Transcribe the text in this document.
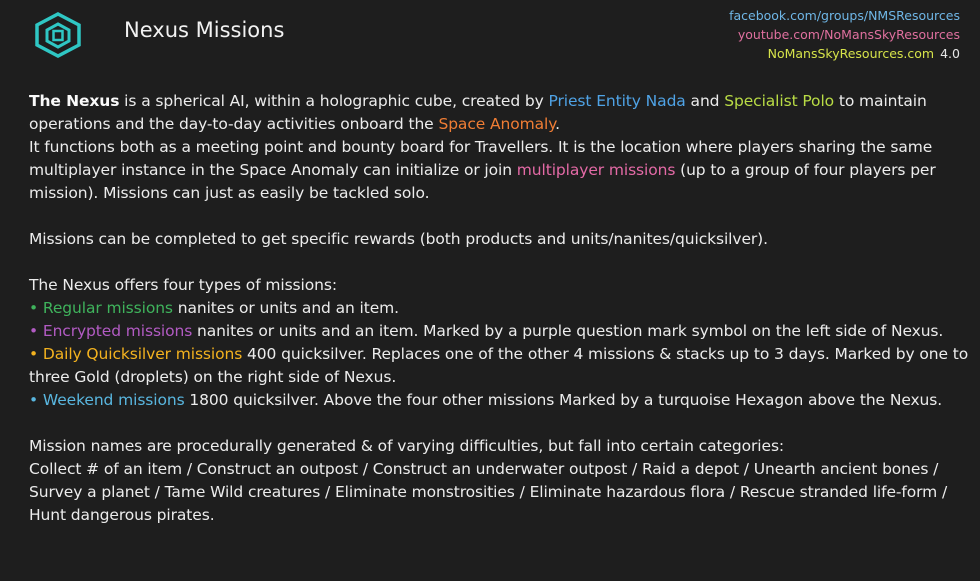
Nexus Missions
facebook.com/groups/NMSResources
youtube.com/NoMansSkyResources
NoMansSkyResources.com 4.0

The Nexus is a spherical AI, within a holographic cube, created by Priest Entity Nada and Specialist Polo to maintain operations and the day-to-day activities onboard the Space Anomaly.

It functions both as a meeting point and bounty board for Travellers. It is the location where players sharing the same multiplayer instance in the Space Anomaly can initialize or join multiplayer missions (up to a group of four players per mission). Missions can just as easily be tackled solo.

Missions can be completed to get specific rewards (both products and units/nanites/quicksilver).

The Nexus offers four types of missions:

• Regular missions nanites or units and an item.

• Encrypted missions nanites or units and an item. Marked by a purple question mark symbol on the left side of Nexus.

• Daily Quicksilver missions 400 quicksilver. Replaces one of the other 4 missions & stacks up to 3 days. Marked by one to three Gold (droplets) on the right side of Nexus.

• Weekend missions 1800 quicksilver. Above the four other missions Marked by a turquoise Hexagon above the Nexus.

Mission names are procedurally generated & of varying difficulties, but fall into certain categories:

Collect # of an item / Construct an outpost / Construct an underwater outpost / Raid a depot / Unearth ancient bones / Survey a planet / Tame Wild creatures / Eliminate monstrosities / Eliminate hazardous flora / Rescue stranded life-form / Hunt dangerous pirates.
